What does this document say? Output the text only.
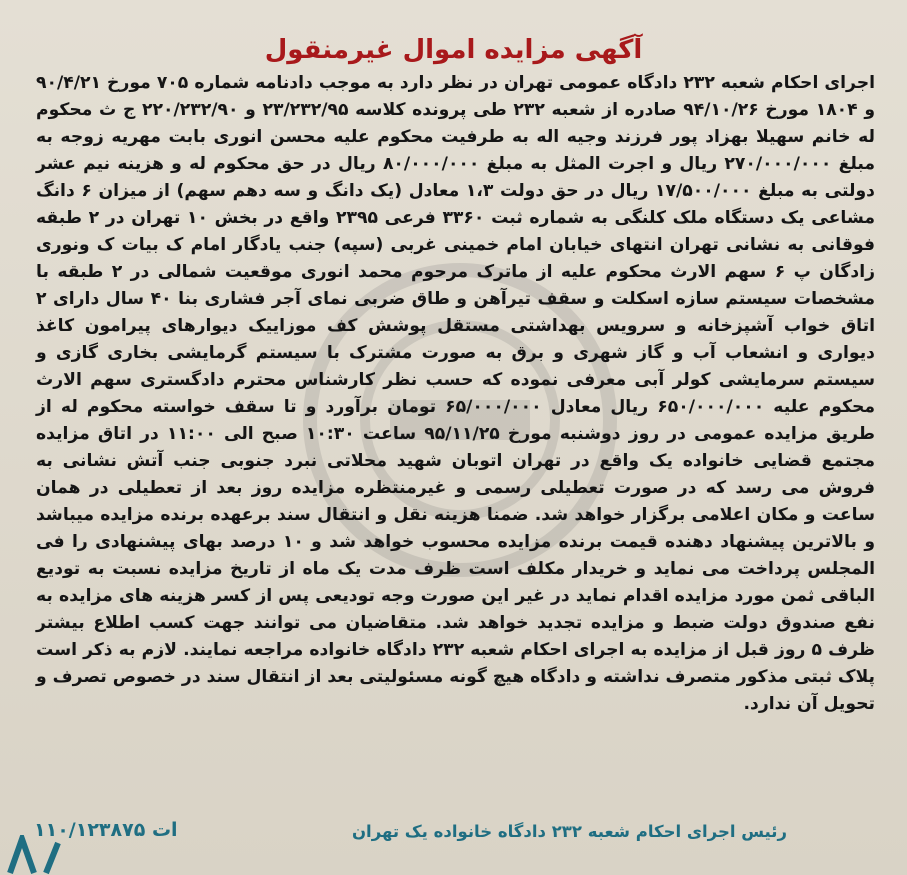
آگهی مزایده اموال غیرمنقول

اجرای احکام شعبه ۲۳۲ دادگاه عمومی تهران در نظر دارد به موجب دادنامه شماره ۷۰۵ مورخ ۹۰/۴/۲۱ و ۱۸۰۴ مورخ ۹۴/۱۰/۲۶ صادره از شعبه ۲۳۲ طی پرونده کلاسه ۲۳/۲۳۲/۹۵ و ۲۲۰/۲۳۲/۹۰ ج ث محکوم له خانم سهیلا بهزاد پور فرزند وجیه اله به طرفیت محکوم علیه محسن انوری بابت مهریه زوجه به مبلغ ۲۷۰/۰۰۰/۰۰۰ ریال و اجرت المثل به مبلغ ۸۰/۰۰۰/۰۰۰ ریال در حق محکوم له و هزینه نیم عشر دولتی به مبلغ ۱۷/۵۰۰/۰۰۰ ریال در حق دولت ۱،۳ معادل (یک دانگ و سه دهم سهم) از میزان ۶ دانگ مشاعی یک دستگاه ملک کلنگی به شماره ثبت ۳۳۶۰ فرعی ۲۳۹۵ واقع در بخش ۱۰ تهران در ۲ طبقه فوقانی به نشانی تهران انتهای خیابان امام خمینی غربی (سپه) جنب یادگار امام ک بیات ک ونوری زادگان پ ۶ سهم الارث محکوم علیه از ماترک مرحوم محمد انوری موقعیت شمالی در ۲ طبقه با مشخصات سیستم سازه اسکلت و سقف تیرآهن و طاق ضربی نمای آجر فشاری بنا ۴۰ سال دارای ۲ اتاق خواب آشپزخانه و سرویس بهداشتی مستقل پوشش کف موزاییک دیوارهای پیرامون کاغذ دیواری و انشعاب آب و گاز شهری و برق به صورت مشترک با سیستم گرمایشی بخاری گازی و سیستم سرمایشی کولر آبی معرفی نموده که حسب نظر کارشناس محترم دادگستری سهم الارث محکوم علیه ۶۵۰/۰۰۰/۰۰۰ ریال معادل ۶۵/۰۰۰/۰۰۰ تومان برآورد و تا سقف خواسته محکوم له از طریق مزایده عمومی در روز دوشنبه مورخ ۹۵/۱۱/۲۵ ساعت ۱۰:۳۰ صبح الی ۱۱:۰۰ در اتاق مزایده مجتمع قضایی خانواده یک واقع در تهران اتوبان شهید محلاتی نبرد جنوبی جنب آتش نشانی به فروش می رسد که در صورت تعطیلی رسمی و غیرمنتظره مزایده روز بعد از تعطیلی در همان ساعت و مکان اعلامی برگزار خواهد شد. ضمنا هزینه نقل و انتقال سند برعهده برنده مزایده میباشد و بالاترین پیشنهاد دهنده قیمت برنده مزایده محسوب خواهد شد و ۱۰ درصد بهای پیشنهادی را فی المجلس پرداخت می نماید و خریدار مکلف است ظرف مدت یک ماه از تاریخ مزایده نسبت به تودیع الباقی ثمن مورد مزایده اقدام نماید در غیر این صورت وجه تودیعی پس از کسر هزینه های مزایده به نفع صندوق دولت ضبط و مزایده تجدید خواهد شد. متقاضیان می توانند جهت کسب اطلاع بیشتر ظرف ۵ روز قبل از مزایده به اجرای احکام شعبه ۲۳۲ دادگاه خانواده مراجعه نمایند. لازم به ذکر است پلاک ثبتی مذکور متصرف نداشته و دادگاه هیچ گونه مسئولیتی بعد از انتقال سند در خصوص تصرف و تحویل آن ندارد.

رئیس اجرای احکام شعبه ۲۳۲ دادگاه خانواده یک تهران
۱۱۰/۱۲۳۸۷۵ ات
